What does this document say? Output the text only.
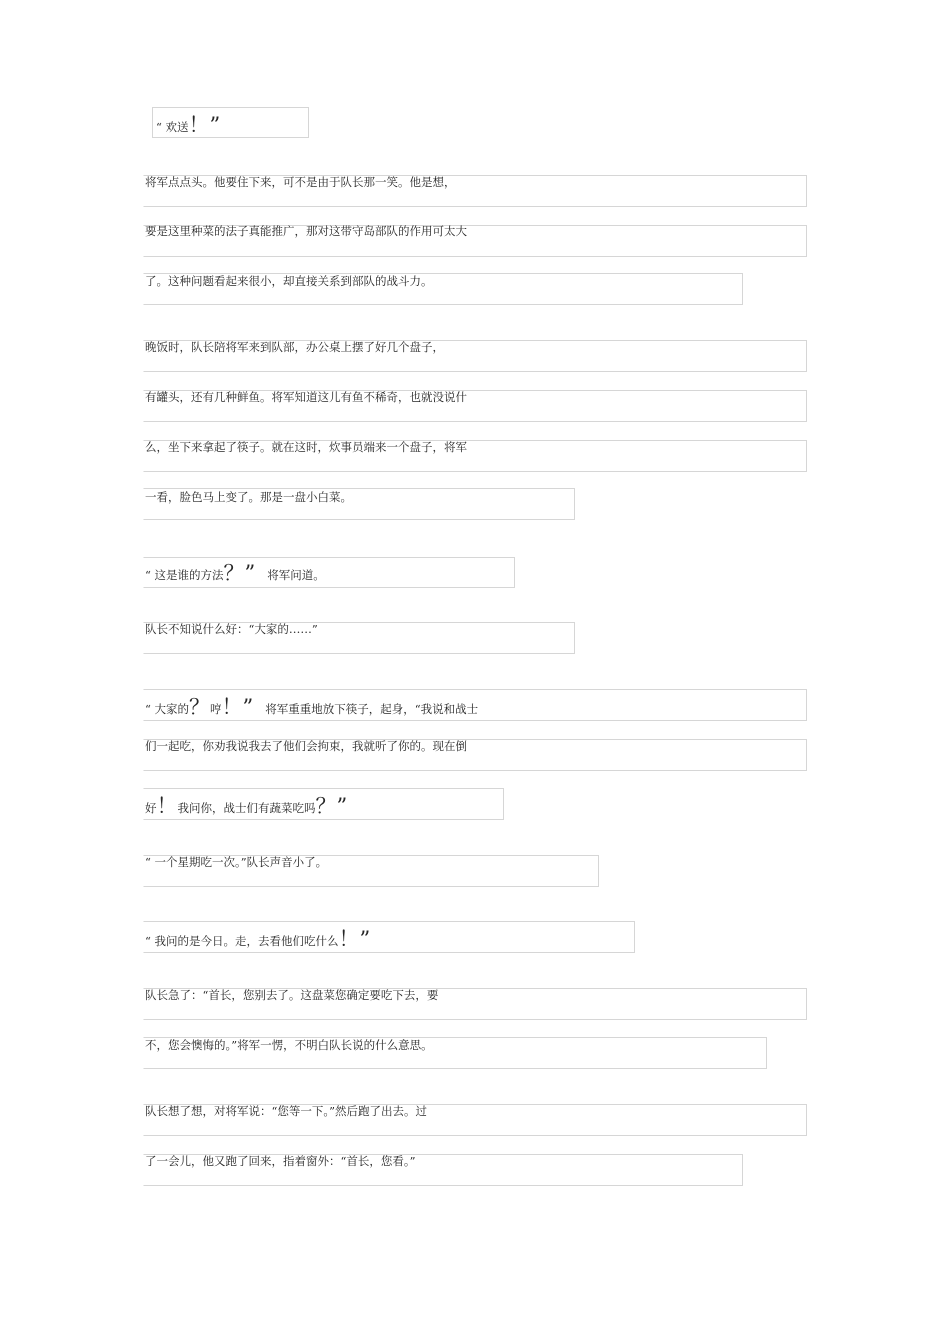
“ 欢送！”
将军点点头。他要住下来，可不是由于队长那一笑。他是想，
要是这里种菜的法子真能推广，那对这带守岛部队的作用可太大
了。这种问题看起来很小，却直接关系到部队的战斗力。
晚饭时，队长陪将军来到队部，办公桌上摆了好几个盘子，
有罐头，还有几种鲜鱼。将军知道这儿有鱼不稀奇，也就没说什
么，坐下来拿起了筷子。就在这时，炊事员端来一个盘子，将军
一看，脸色马上变了。那是一盘小白菜。
“ 这是谁的方法？” 将军问道。
队长不知说什么好：“大家的……”
“ 大家的？哼！” 将军重重地放下筷子，起身，“我说和战士
们一起吃，你劝我说我去了他们会拘束，我就听了你的。现在倒
好！我问你，战士们有蔬菜吃吗？”
“ 一个星期吃一次。”队长声音小了。
“ 我问的是今日。走，去看他们吃什么！”
队长急了：“首长，您别去了。这盘菜您确定要吃下去，要
不，您会懊悔的。”将军一愣，不明白队长说的什么意思。
队长想了想，对将军说：“您等一下。”然后跑了出去。过
了一会儿，他又跑了回来，指着窗外：“首长，您看。”
